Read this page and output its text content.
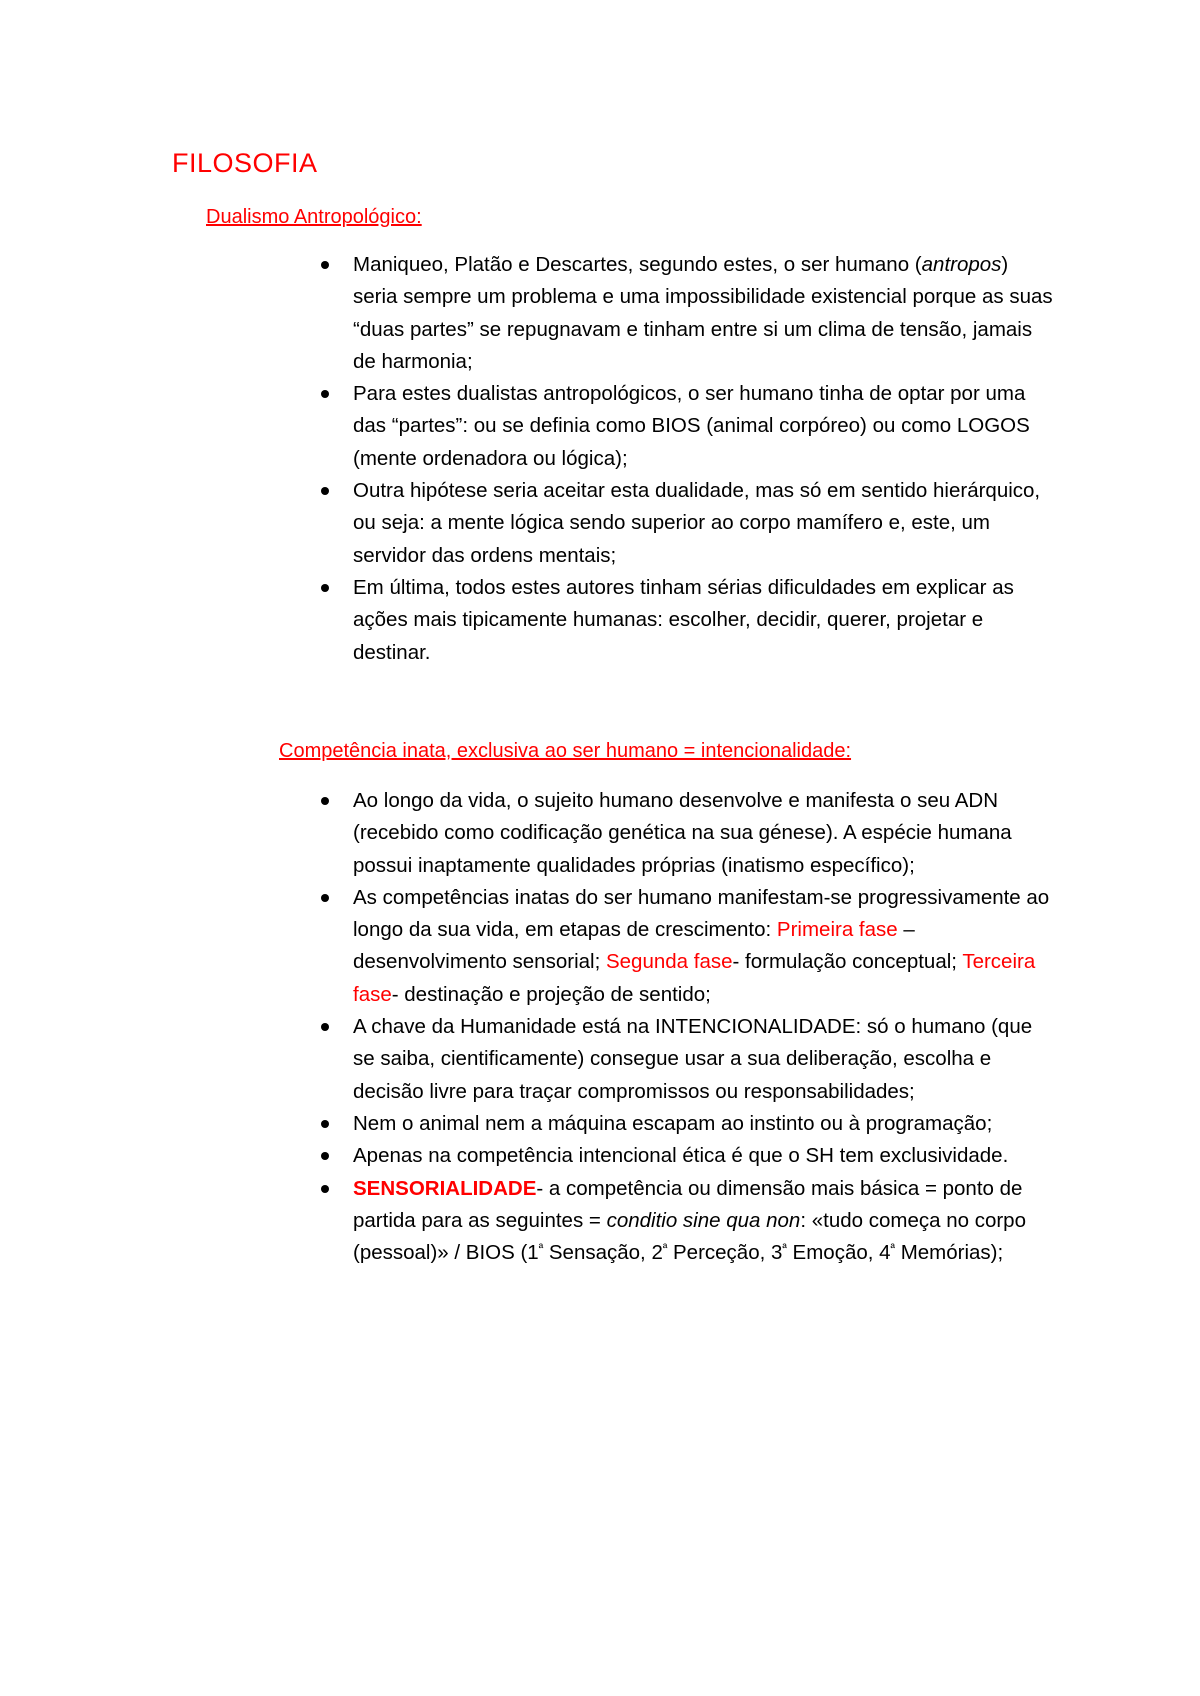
FILOSOFIA
Dualismo Antropológico:
Maniqueo, Platão e Descartes, segundo estes, o ser humano (antropos) seria sempre um problema e uma impossibilidade existencial porque as suas “duas partes” se repugnavam e tinham entre si um clima de tensão, jamais de harmonia;
Para estes dualistas antropológicos, o ser humano tinha de optar por uma das “partes”: ou se definia como BIOS (animal corpóreo) ou como LOGOS (mente ordenadora ou lógica);
Outra hipótese seria aceitar esta dualidade, mas só em sentido hierárquico, ou seja: a mente lógica sendo superior ao corpo mamífero e, este, um servidor das ordens mentais;
Em última, todos estes autores tinham sérias dificuldades em explicar as ações mais tipicamente humanas: escolher, decidir, querer, projetar e destinar.
Competência inata, exclusiva ao ser humano = intencionalidade:
Ao longo da vida, o sujeito humano desenvolve e manifesta o seu ADN (recebido como codificação genética na sua génese). A espécie humana possui inaptamente qualidades próprias (inatismo específico);
As competências inatas do ser humano manifestam-se progressivamente ao longo da sua vida, em etapas de crescimento: Primeira fase – desenvolvimento sensorial; Segunda fase- formulação conceptual; Terceira fase- destinação e projeção de sentido;
A chave da Humanidade está na INTENCIONALIDADE: só o humano (que se saiba, cientificamente) consegue usar a sua deliberação, escolha e decisão livre para traçar compromissos ou responsabilidades;
Nem o animal nem a máquina escapam ao instinto ou à programação;
Apenas na competência intencional ética é que o SH tem exclusividade.
SENSORIALIDADE- a competência ou dimensão mais básica = ponto de partida para as seguintes = conditio sine qua non: «tudo começa no corpo (pessoal)» / BIOS ($1^ª$ Sensação, $2^ª$ Perceção, $3^ª$ Emoção, $4^ª$ Memórias);
